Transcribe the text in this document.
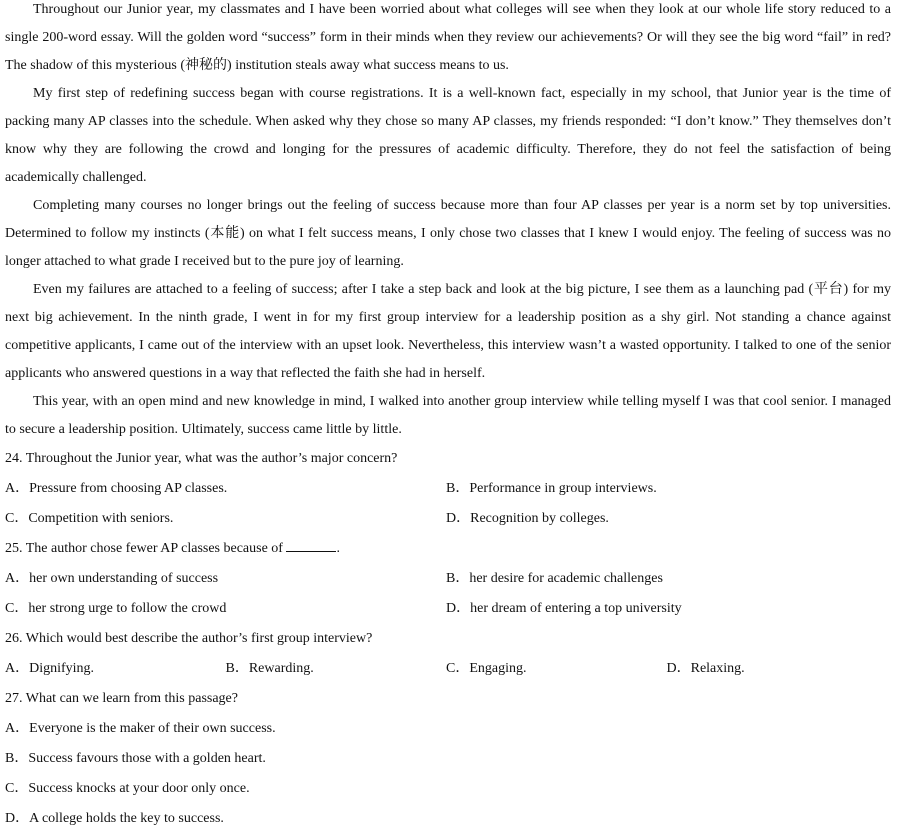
Throughout our Junior year, my classmates and I have been worried about what colleges will see when they look at our whole life story reduced to a single 200-word essay. Will the golden word “success” form in their minds when they review our achievements? Or will they see the big word “fail” in red? The shadow of this mysterious (神秘的) institution steals away what success means to us.

My first step of redefining success began with course registrations. It is a well-known fact, especially in my school, that Junior year is the time of packing many AP classes into the schedule. When asked why they chose so many AP classes, my friends responded: “I don’t know.” They themselves don’t know why they are following the crowd and longing for the pressures of academic difficulty. Therefore, they do not feel the satisfaction of being academically challenged.

Completing many courses no longer brings out the feeling of success because more than four AP classes per year is a norm set by top universities. Determined to follow my instincts (本能) on what I felt success means, I only chose two classes that I knew I would enjoy. The feeling of success was no longer attached to what grade I received but to the pure joy of learning.

Even my failures are attached to a feeling of success; after I take a step back and look at the big picture, I see them as a launching pad (平台) for my next big achievement. In the ninth grade, I went in for my first group interview for a leadership position as a shy girl. Not standing a chance against competitive applicants, I came out of the interview with an upset look. Nevertheless, this interview wasn’t a wasted opportunity. I talked to one of the senior applicants who answered questions in a way that reflected the faith she had in herself.

This year, with an open mind and new knowledge in mind, I walked into another group interview while telling myself I was that cool senior. I managed to secure a leadership position. Ultimately, success came little by little.

24. Throughout the Junior year, what was the author’s major concern?

A．Pressure from choosing AP classes.	B．Performance in group interviews.
C．Competition with seniors.	D．Recognition by colleges.

25. The author chose fewer AP classes because of	.

A．her own understanding of success	B．her desire for academic challenges
C．her strong urge to follow the crowd	D．her dream of entering a top university

26. Which would best describe the author’s first group interview?

A．Dignifying.	B．Rewarding.	C．Engaging.	D．Relaxing.

27. What can we learn from this passage?

A．Everyone is the maker of their own success.
B．Success favours those with a golden heart.
C．Success knocks at your door only once.
D．A college holds the key to success.
